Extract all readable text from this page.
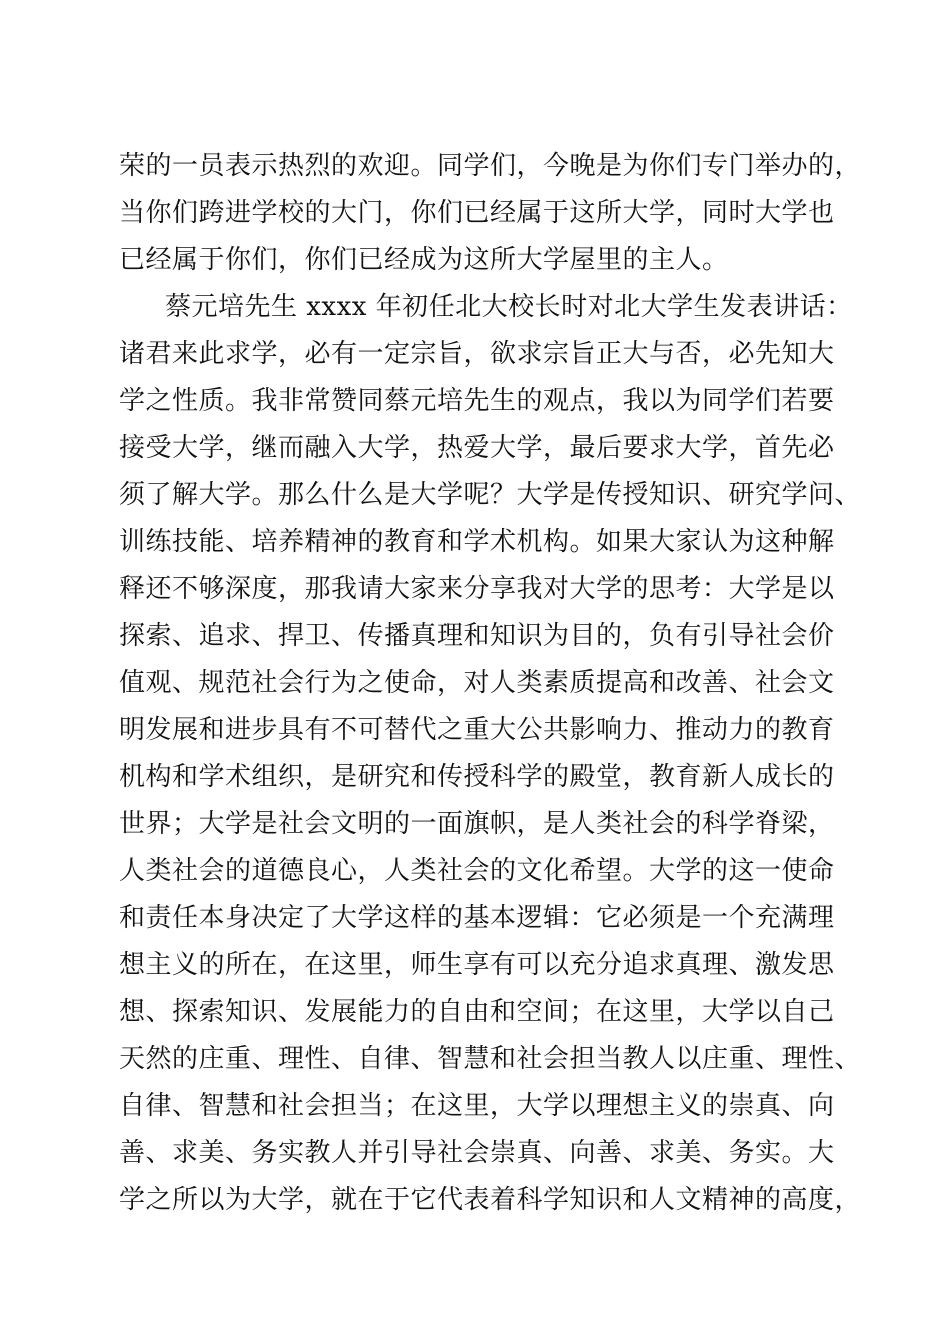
荣的一员表示热烈的欢迎。同学们，今晚是为你们专门举办的，
当你们跨进学校的大门，你们已经属于这所大学，同时大学也
已经属于你们，你们已经成为这所大学屋里的主人。
蔡元培先生 xxxx 年初任北大校长时对北大学生发表讲话：
诸君来此求学，必有一定宗旨，欲求宗旨正大与否，必先知大
学之性质。我非常赞同蔡元培先生的观点，我以为同学们若要
接受大学，继而融入大学，热爱大学，最后要求大学，首先必
须了解大学。那么什么是大学呢？大学是传授知识、研究学问、
训练技能、培养精神的教育和学术机构。如果大家认为这种解
释还不够深度，那我请大家来分享我对大学的思考：大学是以
探索、追求、捍卫、传播真理和知识为目的，负有引导社会价
值观、规范社会行为之使命，对人类素质提高和改善、社会文
明发展和进步具有不可替代之重大公共影响力、推动力的教育
机构和学术组织，是研究和传授科学的殿堂，教育新人成长的
世界；大学是社会文明的一面旗帜，是人类社会的科学脊梁，
人类社会的道德良心，人类社会的文化希望。大学的这一使命
和责任本身决定了大学这样的基本逻辑：它必须是一个充满理
想主义的所在，在这里，师生享有可以充分追求真理、激发思
想、探索知识、发展能力的自由和空间；在这里，大学以自己
天然的庄重、理性、自律、智慧和社会担当教人以庄重、理性、
自律、智慧和社会担当；在这里，大学以理想主义的崇真、向
善、求美、务实教人并引导社会崇真、向善、求美、务实。大
学之所以为大学，就在于它代表着科学知识和人文精神的高度，
